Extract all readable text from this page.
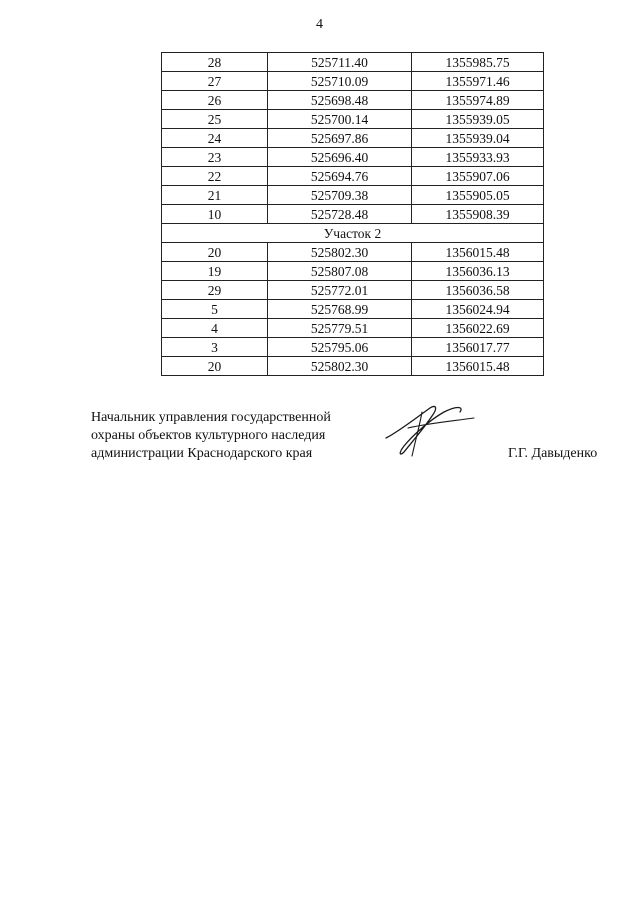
4
28	525711.40	1355985.75
27	525710.09	1355971.46
26	525698.48	1355974.89
25	525700.14	1355939.05
24	525697.86	1355939.04
23	525696.40	1355933.93
22	525694.76	1355907.06
21	525709.38	1355905.05
10	525728.48	1355908.39
Участок 2		
20	525802.30	1356015.48
19	525807.08	1356036.13
29	525772.01	1356036.58
5	525768.99	1356024.94
4	525779.51	1356022.69
3	525795.06	1356017.77
20	525802.30	1356015.48
Начальник управления государственной
охраны объектов культурного наследия
администрации Краснодарского края	Г.Г. Давыденко
